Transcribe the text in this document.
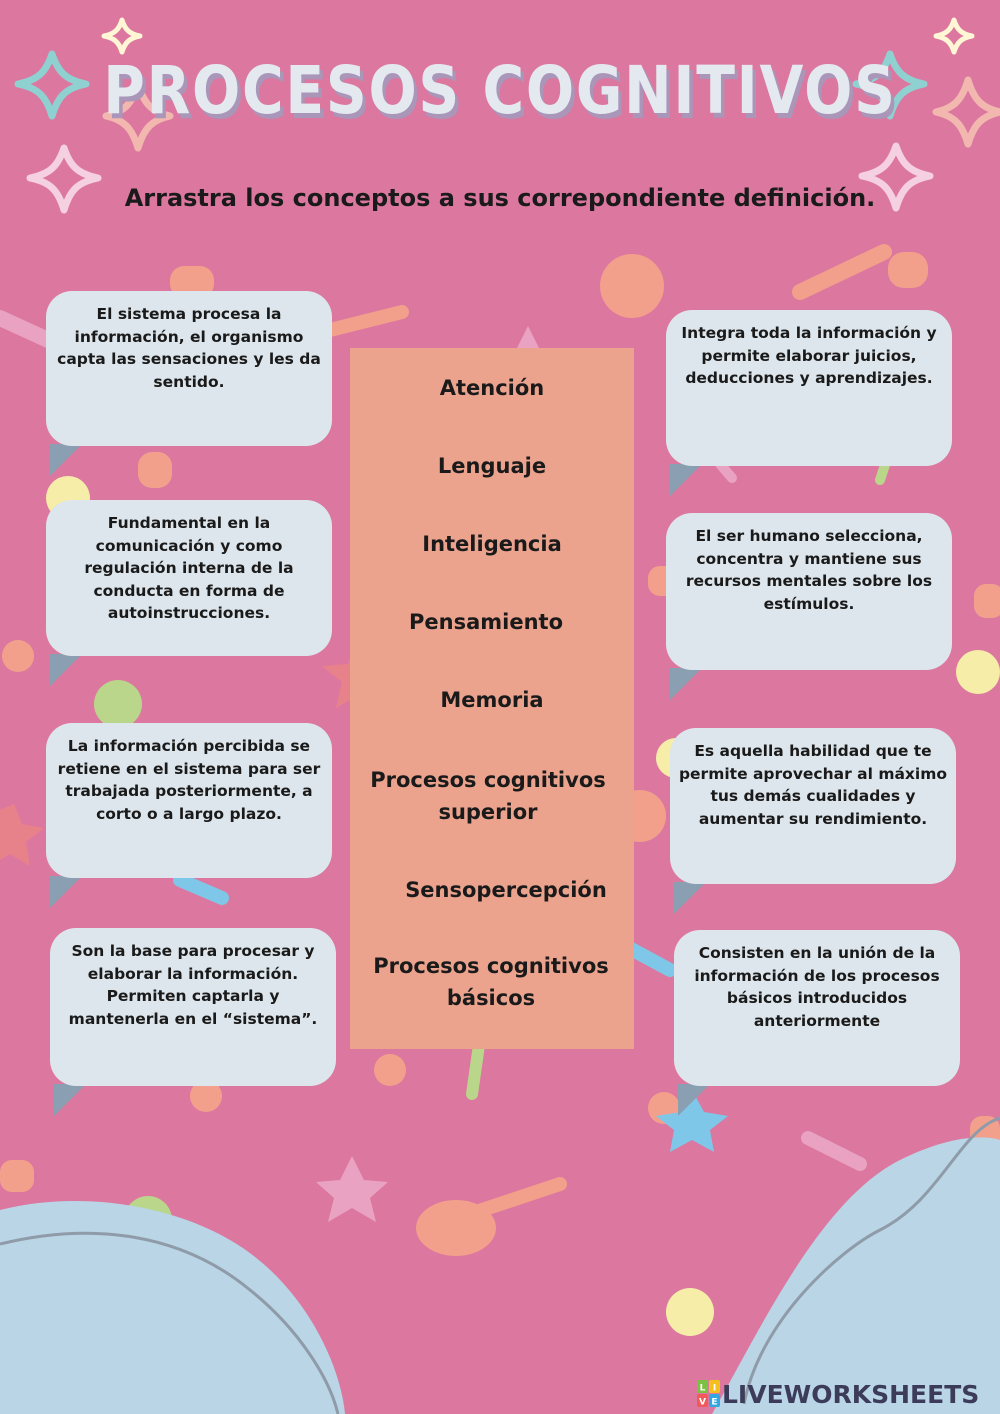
PROCESOS COGNITIVOS
Arrastra los conceptos a sus correpondiente definición.
Atención
Lenguaje
Inteligencia
Pensamiento
Memoria
Procesos cognitivos superior
Sensopercepción
Procesos cognitivos básicos
El sistema procesa la información, el organismo capta las sensaciones y les da sentido.
Fundamental en la comunicación y como regulación interna de la conducta en forma de autoinstrucciones.
La información percibida se retiene en el sistema para ser trabajada posteriormente, a corto o a largo plazo.
Son la base para procesar y elaborar la información. Permiten captarla y mantenerla en el “sistema”.
Integra toda la información y permite elaborar juicios, deducciones y aprendizajes.
El ser humano selecciona, concentra y mantiene sus recursos mentales sobre los estímulos.
Es aquella habilidad que te permite aprovechar al máximo tus demás cualidades y aumentar su rendimiento.
Consisten en la unión de la información de los procesos básicos introducidos anteriormente
L I
V E LIVEWORKSHEETS
